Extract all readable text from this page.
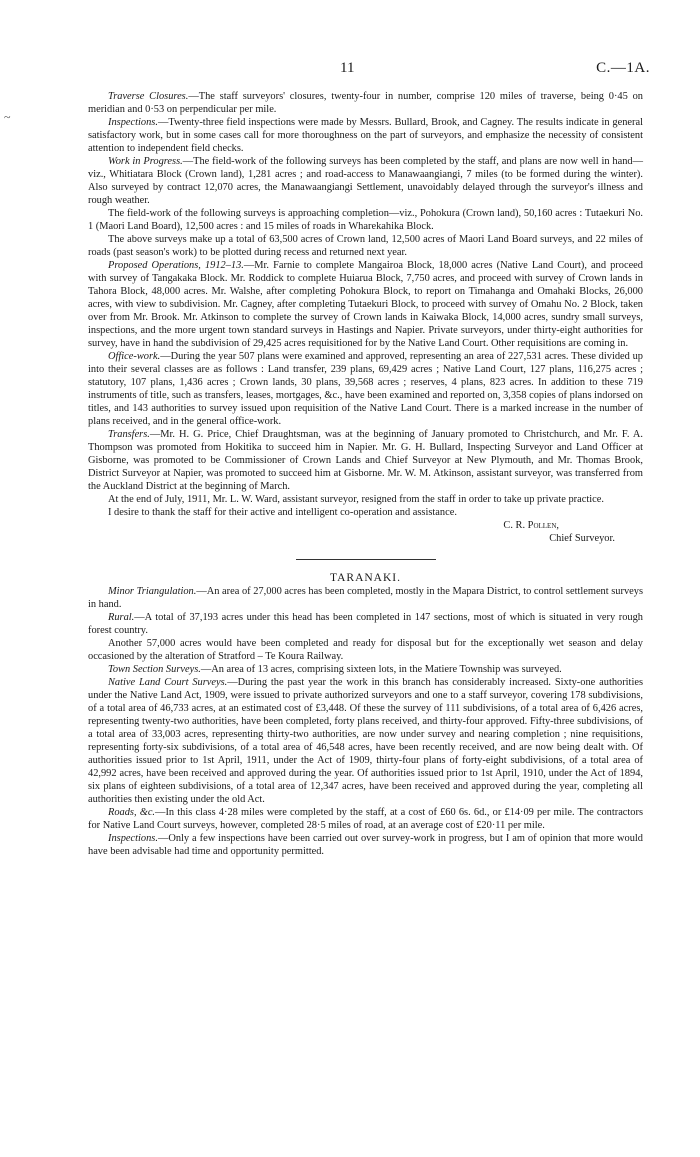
11	C.—1A.
~

Traverse Closures.—The staff surveyors' closures, twenty-four in number, comprise 120 miles of traverse, being 0·45 on meridian and 0·53 on perpendicular per mile.

Inspections.—Twenty-three field inspections were made by Messrs. Bullard, Brook, and Cagney. The results indicate in general satisfactory work, but in some cases call for more thoroughness on the part of surveyors, and emphasize the necessity of consistent attention to independent field checks.

Work in Progress.—The field-work of the following surveys has been completed by the staff, and plans are now well in hand—viz., Whitiatara Block (Crown land), 1,281 acres ; and road-access to Manawaangiangi, 7 miles (to be formed during the winter). Also surveyed by contract 12,070 acres, the Manawaangiangi Settlement, unavoidably delayed through the surveyor's illness and rough weather.

The field-work of the following surveys is approaching completion—viz., Pohokura (Crown land), 50,160 acres : Tutaekuri No. 1 (Maori Land Board), 12,500 acres : and 15 miles of roads in Wharekahika Block.

The above surveys make up a total of 63,500 acres of Crown land, 12,500 acres of Maori Land Board surveys, and 22 miles of roads (past season's work) to be plotted during recess and returned next year.

Proposed Operations, 1912–13.—Mr. Farnie to complete Mangairoa Block, 18,000 acres (Native Land Court), and proceed with survey of Tangakaka Block. Mr. Roddick to complete Huiarua Block, 7,750 acres, and proceed with survey of Crown lands in Tahora Block, 48,000 acres. Mr. Walshe, after completing Pohokura Block, to report on Timahanga and Omahaki Blocks, 26,000 acres, with view to subdivision. Mr. Cagney, after completing Tutaekuri Block, to proceed with survey of Omahu No. 2 Block, taken over from Mr. Brook. Mr. Atkinson to complete the survey of Crown lands in Kaiwaka Block, 14,000 acres, sundry small surveys, inspections, and the more urgent town standard surveys in Hastings and Napier. Private surveyors, under thirty-eight authorities for survey, have in hand the subdivision of 29,425 acres requisitioned for by the Native Land Court. Other requisitions are coming in.

Office-work.—During the year 507 plans were examined and approved, representing an area of 227,531 acres. These divided up into their several classes are as follows : Land transfer, 239 plans, 69,429 acres ; Native Land Court, 127 plans, 116,275 acres ; statutory, 107 plans, 1,436 acres ; Crown lands, 30 plans, 39,568 acres ; reserves, 4 plans, 823 acres. In addition to these 719 instruments of title, such as transfers, leases, mortgages, &c., have been examined and reported on, 3,358 copies of plans indorsed on titles, and 143 authorities to survey issued upon requisition of the Native Land Court. There is a marked increase in the number of plans received, and in the general office-work.

Transfers.—Mr. H. G. Price, Chief Draughtsman, was at the beginning of January promoted to Christchurch, and Mr. F. A. Thompson was promoted from Hokitika to succeed him in Napier. Mr. G. H. Bullard, Inspecting Surveyor and Land Officer at Gisborne, was promoted to be Commissioner of Crown Lands and Chief Surveyor at New Plymouth, and Mr. Thomas Brook, District Surveyor at Napier, was promoted to succeed him at Gisborne. Mr. W. M. Atkinson, assistant surveyor, was transferred from the Auckland District at the beginning of March.

At the end of July, 1911, Mr. L. W. Ward, assistant surveyor, resigned from the staff in order to take up private practice.

I desire to thank the staff for their active and intelligent co-operation and assistance.

C. R. Pollen,

Chief Surveyor.

TARANAKI.

Minor Triangulation.—An area of 27,000 acres has been completed, mostly in the Mapara District, to control settlement surveys in hand.

Rural.—A total of 37,193 acres under this head has been completed in 147 sections, most of which is situated in very rough forest country.

Another 57,000 acres would have been completed and ready for disposal but for the exceptionally wet season and delay occasioned by the alteration of Stratford – Te Koura Railway.

Town Section Surveys.—An area of 13 acres, comprising sixteen lots, in the Matiere Township was surveyed.

Native Land Court Surveys.—During the past year the work in this branch has considerably increased. Sixty-one authorities under the Native Land Act, 1909, were issued to private authorized surveyors and one to a staff surveyor, covering 178 subdivisions, of a total area of 46,733 acres, at an estimated cost of £3,448. Of these the survey of 111 subdivisions, of a total area of 6,426 acres, representing twenty-two authorities, have been completed, forty plans received, and thirty-four approved. Fifty-three subdivisions, of a total area of 33,003 acres, representing thirty-two authorities, are now under survey and nearing completion ; nine requisitions, representing forty-six subdivisions, of a total area of 46,548 acres, have been recently received, and are now being dealt with. Of authorities issued prior to 1st April, 1911, under the Act of 1909, thirty-four plans of forty-eight subdivisions, of a total area of 42,992 acres, have been received and approved during the year. Of authorities issued prior to 1st April, 1910, under the Act of 1894, six plans of eighteen subdivisions, of a total area of 12,347 acres, have been received and approved during the year, completing all authorities then existing under the old Act.

Roads, &c.—In this class 4·28 miles were completed by the staff, at a cost of £60 6s. 6d., or £14·09 per mile. The contractors for Native Land Court surveys, however, completed 28·5 miles of road, at an average cost of £20·11 per mile.

Inspections.—Only a few inspections have been carried out over survey-work in progress, but I am of opinion that more would have been advisable had time and opportunity permitted.
